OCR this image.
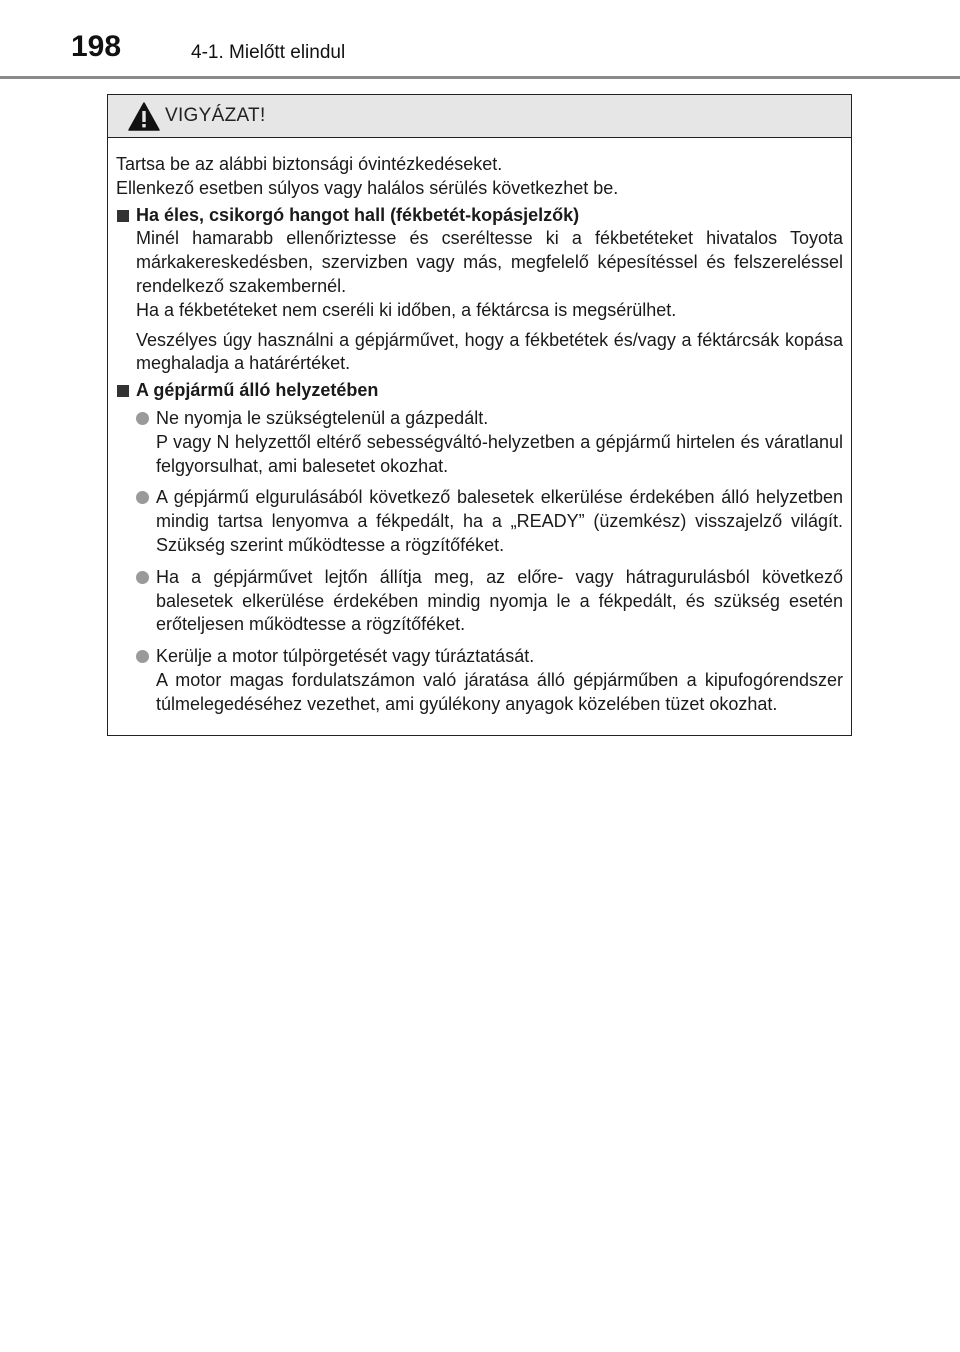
198	4-1. Mielőtt elindul
VIGYÁZAT!

Tartsa be az alábbi biztonsági óvintézkedéseket.

Ellenkező esetben súlyos vagy halálos sérülés következhet be.

Ha éles, csikorgó hangot hall (fékbetét-kopásjelzők)

Minél hamarabb ellenőriztesse és cseréltesse ki a fékbetéteket hivatalos Toyota márkakereskedésben, szervizben vagy más, megfelelő képesítéssel és felszereléssel rendelkező szakembernél.
Ha a fékbetéteket nem cseréli ki időben, a féktárcsa is megsérülhet.

Veszélyes úgy használni a gépjárművet, hogy a fékbetétek és/vagy a féktárcsák kopása meghaladja a határértéket.

A gépjármű álló helyzetében
Ne nyomja le szükségtelenül a gázpedált.
P vagy N helyzettől eltérő sebességváltó-helyzetben a gépjármű hirtelen és váratlanul felgyorsulhat, ami balesetet okozhat.
A gépjármű elgurulásából következő balesetek elkerülése érdekében álló helyzetben mindig tartsa lenyomva a fékpedált, ha a „READY” (üzemkész) visszajelző világít. Szükség szerint működtesse a rögzítőféket.
Ha a gépjárművet lejtőn állítja meg, az előre- vagy hátragurulásból következő balesetek elkerülése érdekében mindig nyomja le a fékpedált, és szükség esetén erőteljesen működtesse a rögzítőféket.
Kerülje a motor túlpörgetését vagy túráztatását.
A motor magas fordulatszámon való járatása álló gépjárműben a kipufogórendszer túlmelegedéséhez vezethet, ami gyúlékony anyagok közelében tüzet okozhat.
